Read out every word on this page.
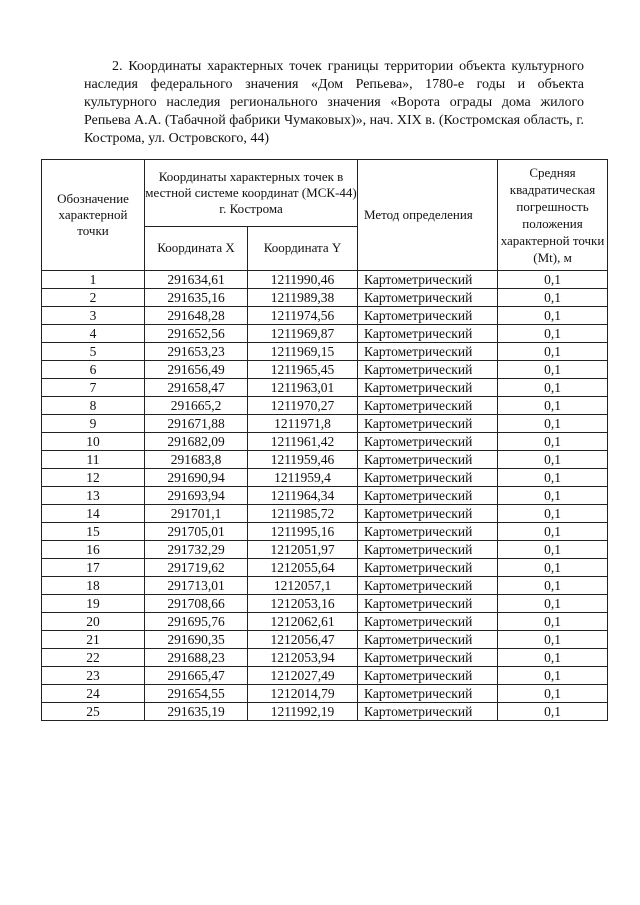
2. Координаты характерных точек границы территории объекта культурного наследия федерального значения «Дом Репьева», 1780-е годы и объекта культурного наследия регионального значения «Ворота ограды дома жилого Репьева А.А. (Табачной фабрики Чумаковых)», нач. XIX в. (Костромская область, г. Кострома, ул. Островского, 44)

Обозначение характерной точки	Координаты характерных точек в местной системе координат (МСК-44) г. Кострома		Метод определения	Средняя квадратическая погрешность положения характерной точки (Mt), м
	Координата X	Координата Y		
1	291634,61	1211990,46	Картометрический	0,1
2	291635,16	1211989,38	Картометрический	0,1
3	291648,28	1211974,56	Картометрический	0,1
4	291652,56	1211969,87	Картометрический	0,1
5	291653,23	1211969,15	Картометрический	0,1
6	291656,49	1211965,45	Картометрический	0,1
7	291658,47	1211963,01	Картометрический	0,1
8	291665,2	1211970,27	Картометрический	0,1
9	291671,88	1211971,8	Картометрический	0,1
10	291682,09	1211961,42	Картометрический	0,1
11	291683,8	1211959,46	Картометрический	0,1
12	291690,94	1211959,4	Картометрический	0,1
13	291693,94	1211964,34	Картометрический	0,1
14	291701,1	1211985,72	Картометрический	0,1
15	291705,01	1211995,16	Картометрический	0,1
16	291732,29	1212051,97	Картометрический	0,1
17	291719,62	1212055,64	Картометрический	0,1
18	291713,01	1212057,1	Картометрический	0,1
19	291708,66	1212053,16	Картометрический	0,1
20	291695,76	1212062,61	Картометрический	0,1
21	291690,35	1212056,47	Картометрический	0,1
22	291688,23	1212053,94	Картометрический	0,1
23	291665,47	1212027,49	Картометрический	0,1
24	291654,55	1212014,79	Картометрический	0,1
25	291635,19	1211992,19	Картометрический	0,1
